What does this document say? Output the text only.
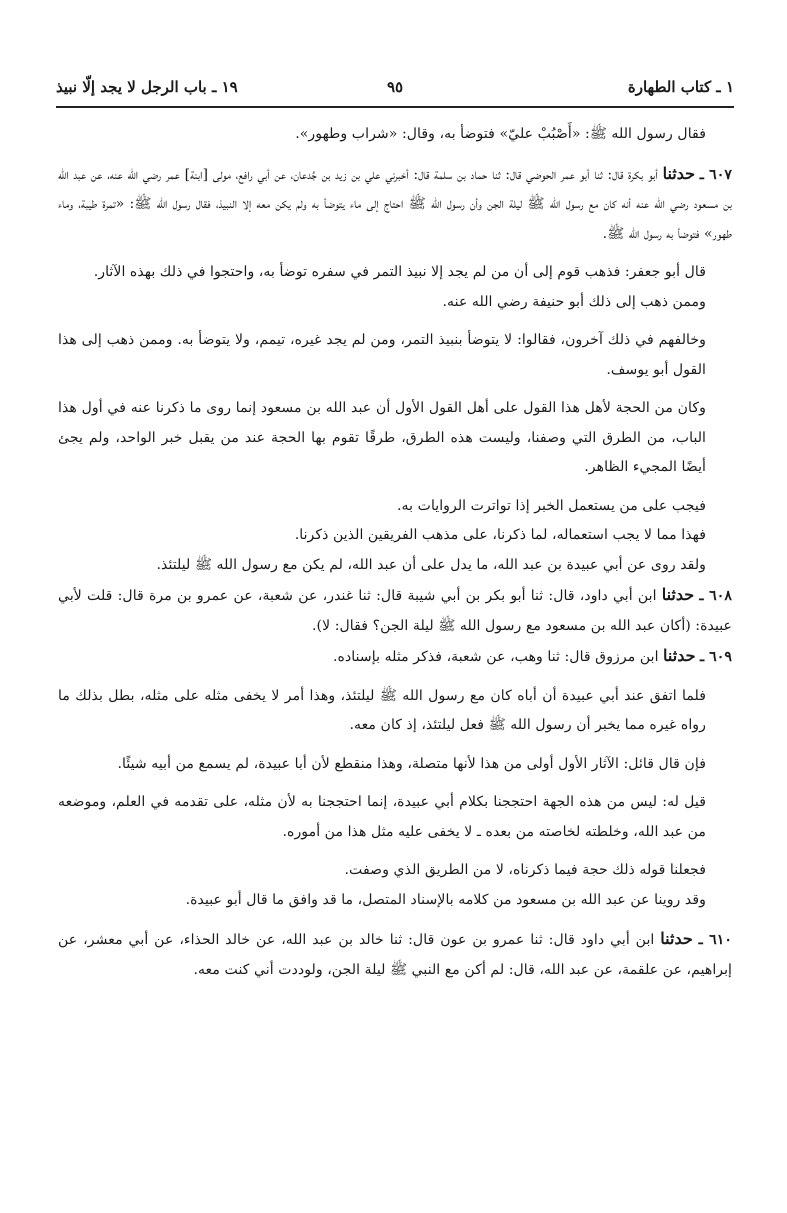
١ ـ كتاب الطهارة
٩٥
١٩ ـ باب الرجل لا يجد إلّا نبيذ

فقال رسول الله ﷺ: «أَصْبُبْ عليّ» فتوضأ به، وقال: «شراب وطهور».

٦٠٧ ـ حدثنا أبو بكرة قال: ثنا أبو عمر الحوضي قال: ثنا حماد بن سلمة قال: أخبرني علي بن زيد بن جُدعان، عن أبي رافع، مولى [ابنة] عمر رضي الله عنه، عن عبد الله بن مسعود رضي الله عنه أنه كان مع رسول الله ﷺ ليلة الجن وأن رسول الله ﷺ احتاج إلى ماء يتوضأ به ولم يكن معه إلا النبيذ، فقال رسول الله ﷺ: «تمرة طيبة، وماء طهور» فتوضأ به رسول الله ﷺ.

قال أبو جعفر: فذهب قوم إلى أن من لم يجد إلا نبيذ التمر في سفره توضأ به، واحتجوا في ذلك بهذه الآثار.

وممن ذهب إلى ذلك أبو حنيفة رضي الله عنه.

وخالفهم في ذلك آخرون، فقالوا: لا يتوضأ بنبيذ التمر، ومن لم يجد غيره، تيمم، ولا يتوضأ به. وممن ذهب إلى هذا القول أبو يوسف.

وكان من الحجة لأهل هذا القول على أهل القول الأول أن عبد الله بن مسعود إنما روى ما ذكرنا عنه في أول هذا الباب، من الطرق التي وصفنا، وليست هذه الطرق، طرقًا تقوم بها الحجة عند من يقبل خبر الواحد، ولم يجئ أيضًا المجيء الظاهر.

فيجب على من يستعمل الخبر إذا تواترت الروايات به.

فهذا مما لا يجب استعماله، لما ذكرنا، على مذهب الفريقين الذين ذكرنا.

ولقد روى عن أبي عبيدة بن عبد الله، ما يدل على أن عبد الله، لم يكن مع رسول الله ﷺ ليلتئذ.

٦٠٨ ـ حدثنا ابن أبي داود، قال: ثنا أبو بكر بن أبي شيبة قال: ثنا غندر، عن شعبة، عن عمرو بن مرة قال: قلت لأبي عبيدة: (أكان عبد الله بن مسعود مع رسول الله ﷺ ليلة الجن؟ فقال: لا).

٦٠٩ ـ حدثنا ابن مرزوق قال: ثنا وهب، عن شعبة، فذكر مثله بإسناده.

فلما اتفق عند أبي عبيدة أن أباه كان مع رسول الله ﷺ ليلتئذ، وهذا أمر لا يخفى مثله على مثله، بطل بذلك ما رواه غيره مما يخبر أن رسول الله ﷺ فعل ليلتئذ، إذ كان معه.

فإن قال قائل: الآثار الأول أولى من هذا لأنها متصلة، وهذا منقطع لأن أبا عبيدة، لم يسمع من أبيه شيئًا.

قيل له: ليس من هذه الجهة احتججنا بكلام أبي عبيدة، إنما احتججنا به لأن مثله، على تقدمه في العلم، وموضعه من عبد الله، وخلطته لخاصته من بعده ـ لا يخفى عليه مثل هذا من أموره.

فجعلنا قوله ذلك حجة فيما ذكرناه، لا من الطريق الذي وصفت.

وقد روينا عن عبد الله بن مسعود من كلامه بالإسناد المتصل، ما قد وافق ما قال أبو عبيدة.

٦١٠ ـ حدثنا ابن أبي داود قال: ثنا عمرو بن عون قال: ثنا خالد بن عبد الله، عن خالد الحذاء، عن أبي معشر، عن إبراهيم، عن علقمة، عن عبد الله، قال: لم أكن مع النبي ﷺ ليلة الجن، ولوددت أني كنت معه.
